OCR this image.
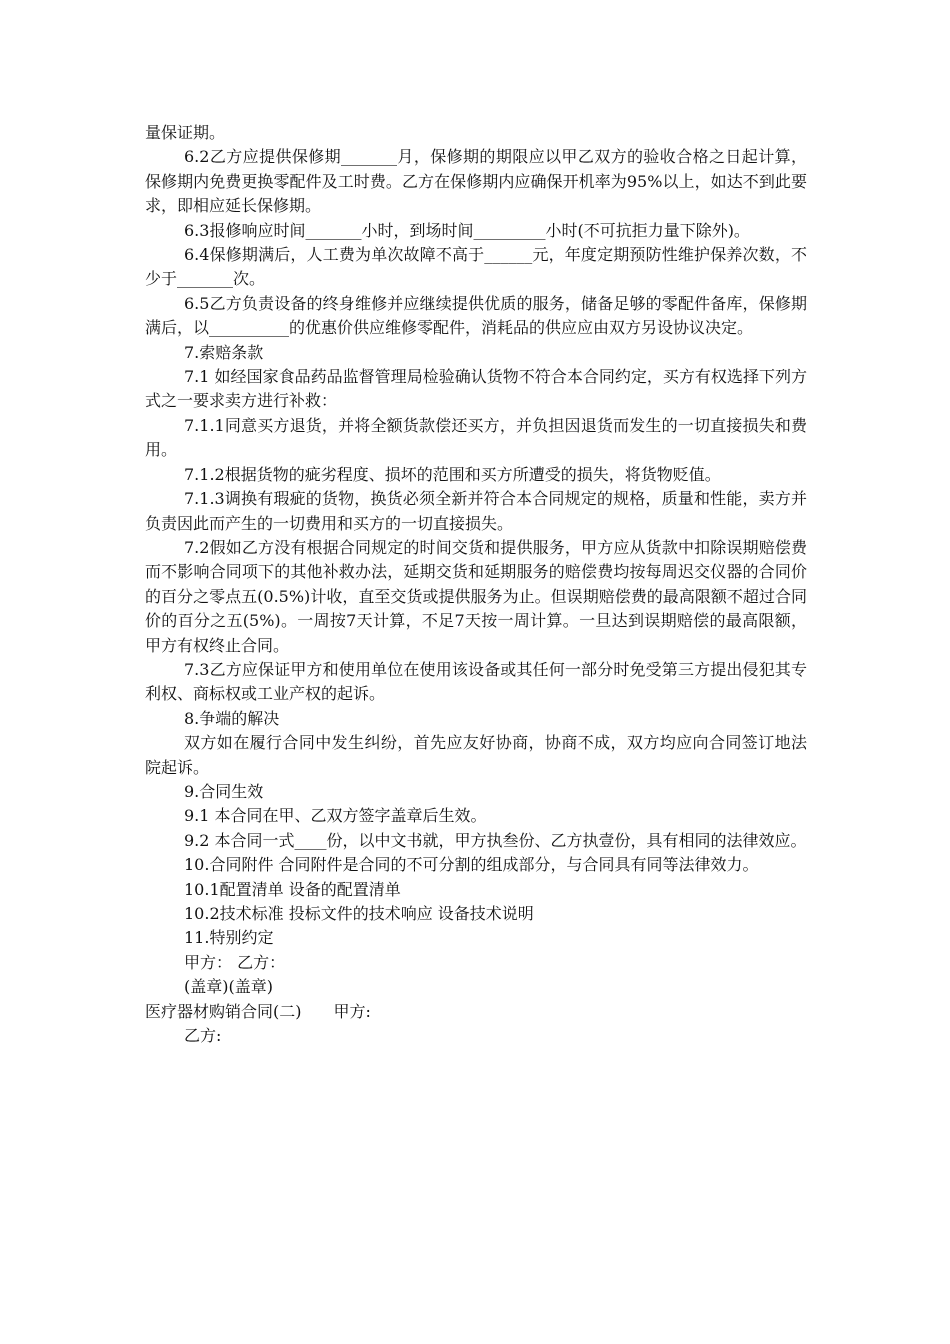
量保证期。

6.2乙方应提供保修期_______月，保修期的期限应以甲乙双方的验收合格之日起计算，保修期内免费更换零配件及工时费。乙方在保修期内应确保开机率为95%以上，如达不到此要求，即相应延长保修期。

6.3报修响应时间_______小时，到场时间_________小时(不可抗拒力量下除外)。

6.4保修期满后，人工费为单次故障不高于______元，年度定期预防性维护保养次数，不少于_______次。

6.5乙方负责设备的终身维修并应继续提供优质的服务，储备足够的零配件备库，保修期满后，以__________的优惠价供应维修零配件，消耗品的供应应由双方另设协议决定。

7.索赔条款

7.1 如经国家食品药品监督管理局检验确认货物不符合本合同约定，买方有权选择下列方式之一要求卖方进行补救：

7.1.1同意买方退货，并将全额货款偿还买方，并负担因退货而发生的一切直接损失和费用。

7.1.2根据货物的疵劣程度、损坏的范围和买方所遭受的损失，将货物贬值。

7.1.3调换有瑕疵的货物，换货必须全新并符合本合同规定的规格，质量和性能，卖方并负责因此而产生的一切费用和买方的一切直接损失。

7.2假如乙方没有根据合同规定的时间交货和提供服务，甲方应从货款中扣除误期赔偿费而不影响合同项下的其他补救办法，延期交货和延期服务的赔偿费均按每周迟交仪器的合同价的百分之零点五(0.5%)计收，直至交货或提供服务为止。但误期赔偿费的最高限额不超过合同价的百分之五(5%)。一周按7天计算，不足7天按一周计算。一旦达到误期赔偿的最高限额，甲方有权终止合同。

7.3乙方应保证甲方和使用单位在使用该设备或其任何一部分时免受第三方提出侵犯其专利权、商标权或工业产权的起诉。

8.争端的解决

双方如在履行合同中发生纠纷，首先应友好协商，协商不成，双方均应向合同签订地法院起诉。

9.合同生效

9.1 本合同在甲、乙双方签字盖章后生效。

9.2 本合同一式____份，以中文书就，甲方执叁份、乙方执壹份，具有相同的法律效应。

10.合同附件 合同附件是合同的不可分割的组成部分，与合同具有同等法律效力。

10.1配置清单 设备的配置清单

10.2技术标准 投标文件的技术响应 设备技术说明

11.特别约定

甲方： 乙方：

(盖章)(盖章)

医疗器材购销合同(二)　　甲方:

乙方:
